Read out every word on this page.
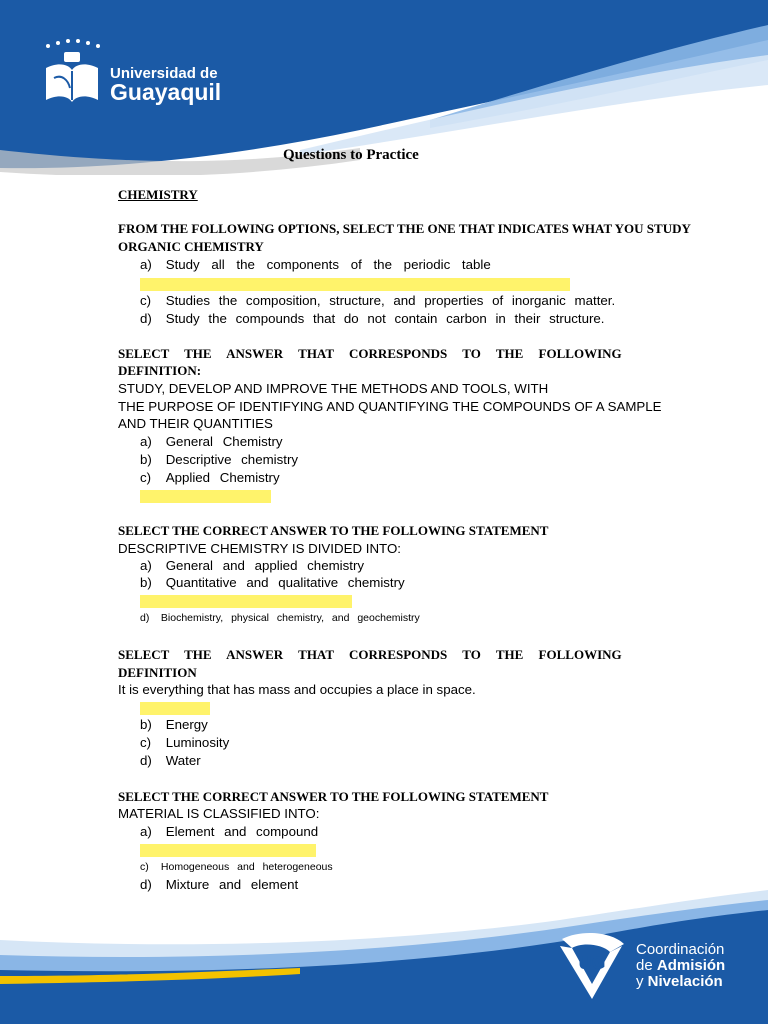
Universidad de
Guayaquil
Questions to Practice
CHEMISTRY
FROM THE FOLLOWING OPTIONS, SELECT THE ONE THAT INDICATES WHAT YOU STUDY
ORGANIC CHEMISTRY
a) Study all the components of the periodic table
c) Studies the composition, structure, and properties of inorganic matter.
d) Study the compounds that do not contain carbon in their structure.
SELECT THE ANSWER THAT CORRESPONDS TO THE FOLLOWING
DEFINITION:
STUDY, DEVELOP AND IMPROVE THE METHODS AND TOOLS, WITH
THE PURPOSE OF IDENTIFYING AND QUANTIFYING THE COMPOUNDS OF A SAMPLE
AND THEIR QUANTITIES
a) General Chemistry
b) Descriptive chemistry
c) Applied Chemistry
SELECT THE CORRECT ANSWER TO THE FOLLOWING STATEMENT
DESCRIPTIVE CHEMISTRY IS DIVIDED INTO:
a) General and applied chemistry
b) Quantitative and qualitative chemistry
d) Biochemistry, physical chemistry, and geochemistry
SELECT THE ANSWER THAT CORRESPONDS TO THE FOLLOWING
DEFINITION
It is everything that has mass and occupies a place in space.
b) Energy
c) Luminosity
d) Water
SELECT THE CORRECT ANSWER TO THE FOLLOWING STATEMENT
MATERIAL IS CLASSIFIED INTO:
a) Element and compound
c) Homogeneous and heterogeneous
d) Mixture and element
UG
Coordinación
de Admisión
y Nivelación
